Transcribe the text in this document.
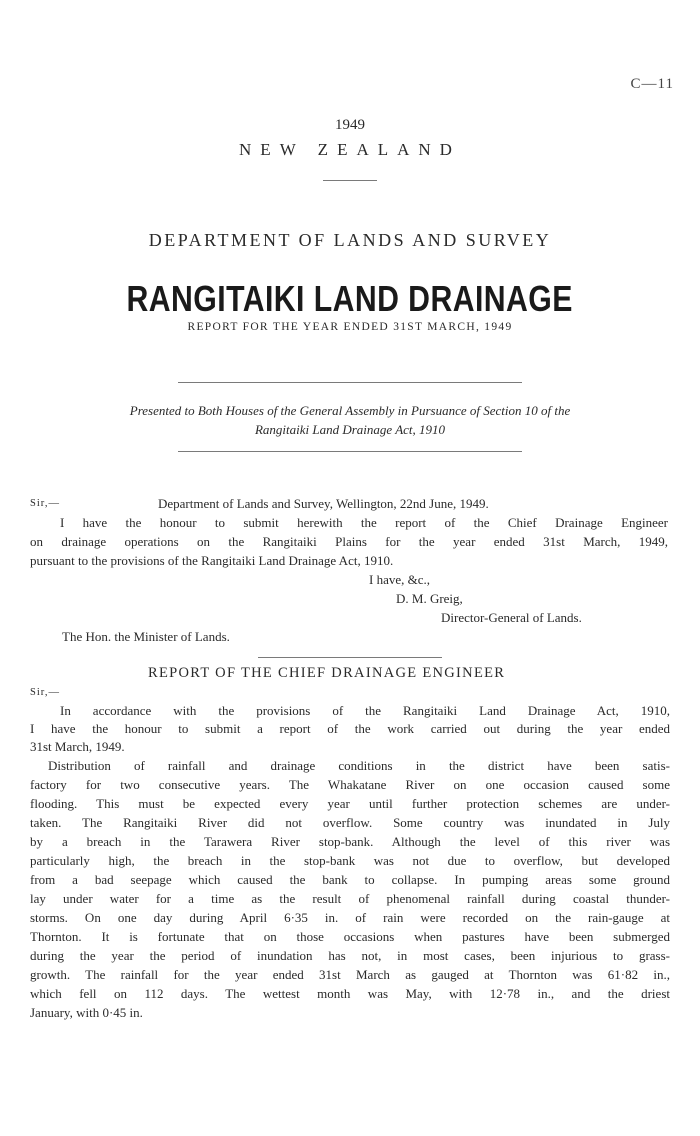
C—11
1949
NEW ZEALAND
DEPARTMENT OF LANDS AND SURVEY
RANGITAIKI LAND DRAINAGE
REPORT FOR THE YEAR ENDED 31ST MARCH, 1949
Presented to Both Houses of the General Assembly in Pursuance of Section 10 of the
Rangitaiki Land Drainage Act, 1910
Sir,—	Department of Lands and Survey, Wellington, 22nd June, 1949.
I have the honour to submit herewith the report of the Chief Drainage Engineer
on drainage operations on the Rangitaiki Plains for the year ended 31st March, 1949,
pursuant to the provisions of the Rangitaiki Land Drainage Act, 1910.
I have, &c.,
D. M. Greig,
Director-General of Lands.
The Hon. the Minister of Lands.
REPORT OF THE CHIEF DRAINAGE ENGINEER
Sir,—
In accordance with the provisions of the Rangitaiki Land Drainage Act, 1910,
I have the honour to submit a report of the work carried out during the year ended
31st March, 1949.
Distribution of rainfall and drainage conditions in the district have been satis-
factory for two consecutive years. The Whakatane River on one occasion caused some
flooding. This must be expected every year until further protection schemes are under-
taken. The Rangitaiki River did not overflow. Some country was inundated in July
by a breach in the Tarawera River stop-bank. Although the level of this river was
particularly high, the breach in the stop-bank was not due to overflow, but developed
from a bad seepage which caused the bank to collapse. In pumping areas some ground
lay under water for a time as the result of phenomenal rainfall during coastal thunder-
storms. On one day during April 6·35 in. of rain were recorded on the rain-gauge at
Thornton. It is fortunate that on those occasions when pastures have been submerged
during the year the period of inundation has not, in most cases, been injurious to grass-
growth. The rainfall for the year ended 31st March as gauged at Thornton was 61·82 in.,
which fell on 112 days. The wettest month was May, with 12·78 in., and the driest
January, with 0·45 in.
